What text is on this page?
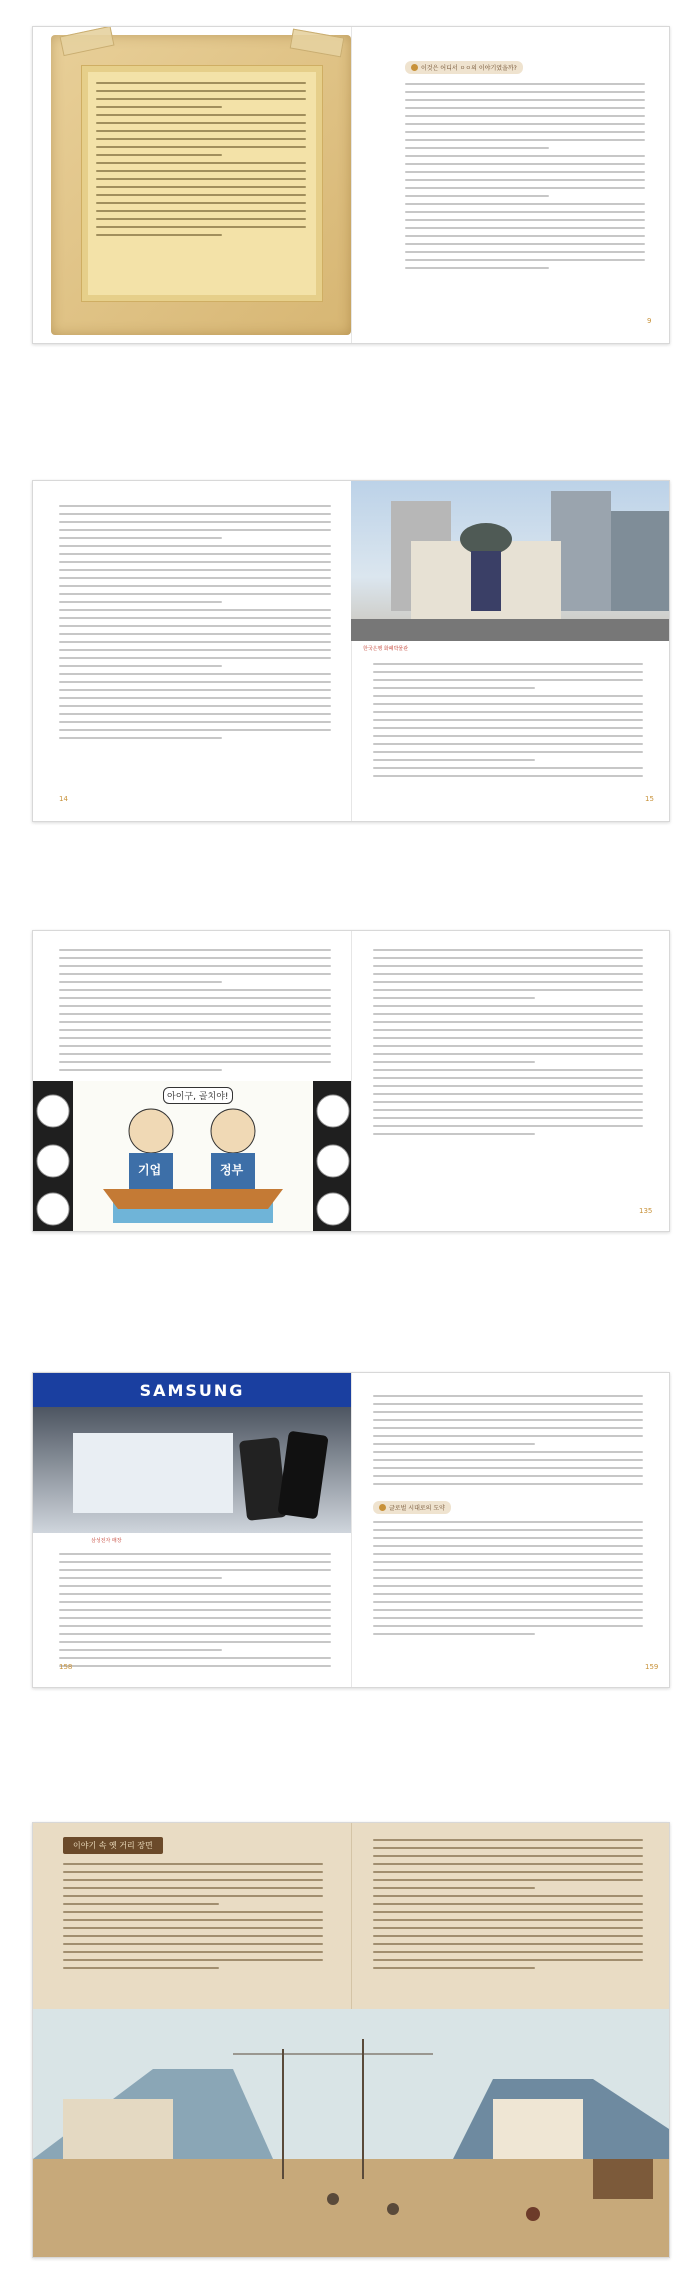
이것은 어디서 ㅇㅇ의 이야기였을까?
9
14
한국은행 화폐박물관
15
아이구, 골치야!
기업	정부
135
SAMSUNG
삼성전자 매장
158
글로벌 시대로의 도약
159
이야기 속 옛 거리 장면
